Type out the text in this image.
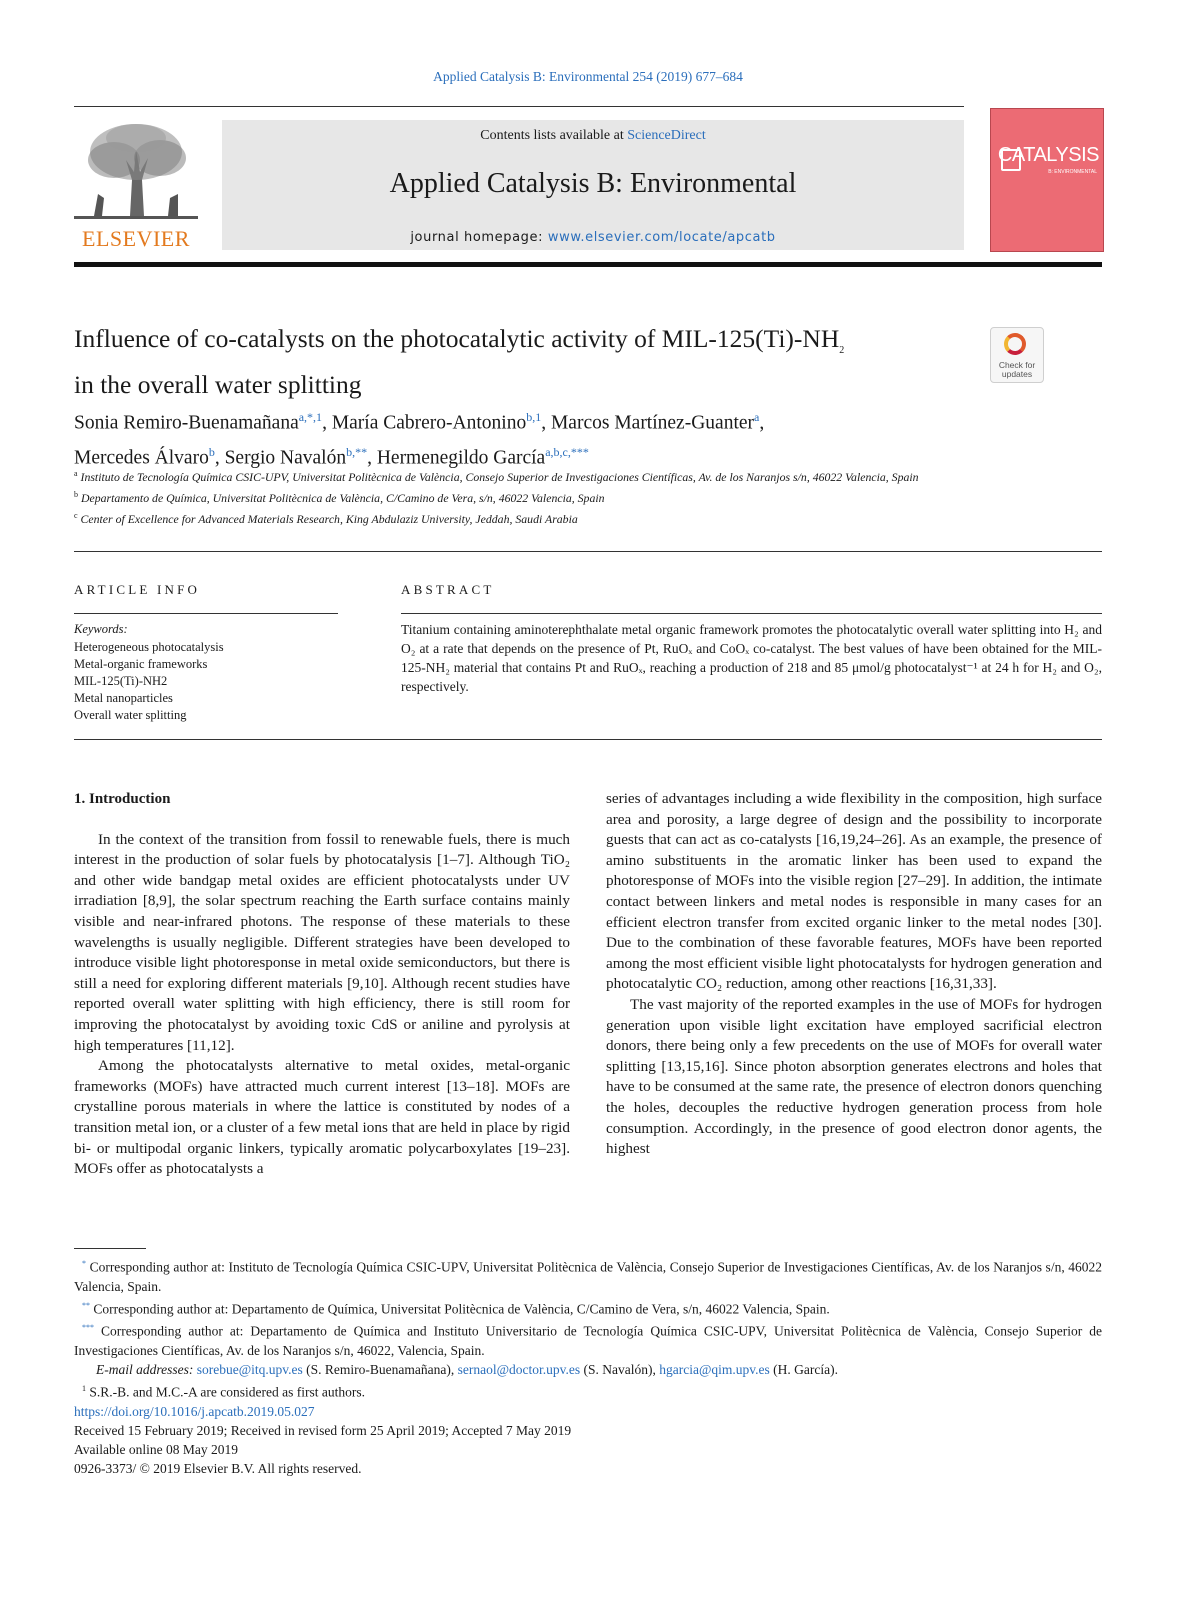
Applied Catalysis B: Environmental 254 (2019) 677–684
ELSEVIER
Contents lists available at ScienceDirect
Applied Catalysis B: Environmental
journal homepage: www.elsevier.com/locate/apcatb
CATALYSIS
B: ENVIRONMENTAL
Influence of co-catalysts on the photocatalytic activity of MIL-$125(Ti)-NH_2$
in the overall water splitting
Check for updates
Sonia Remiro-Buenamañana$^{a,*,1}$, María Cabrero-Antonino$^{b,1}$, Marcos Martínez-Guanter$^a$,
Mercedes Álvaro$^b$, Sergio Navalón$^{b,**}$, Hermenegildo García$^{a,b,c,***}$
$^a$ Instituto de Tecnología Química CSIC-UPV, Universitat Politècnica de València, Consejo Superior de Investigaciones Científicas, Av. de los Naranjos s/n, 46022 Valencia, Spain
$^b$ Departamento de Química, Universitat Politècnica de València, C/Camino de Vera, s/n, 46022 Valencia, Spain
$^c$ Center of Excellence for Advanced Materials Research, King Abdulaziz University, Jeddah, Saudi Arabia
ARTICLE INFO
Keywords:
Heterogeneous photocatalysis
Metal-organic frameworks
MIL-125(Ti)-NH2
Metal nanoparticles
Overall water splitting
ABSTRACT
Titanium containing aminoterephthalate metal organic framework promotes the photocatalytic overall water splitting into H₂ and O₂ at a rate that depends on the presence of Pt, RuOₓ and CoOₓ co-catalyst. The best values of have been obtained for the MIL-125-NH₂ material that contains Pt and RuOₓ, reaching a production of 218 and 85 μmol/g photocatalyst⁻¹ at 24 h for H₂ and O₂, respectively.
1. Introduction

In the context of the transition from fossil to renewable fuels, there is much interest in the production of solar fuels by photocatalysis [1–7]. Although TiO₂ and other wide bandgap metal oxides are efficient photocatalysts under UV irradiation [8,9], the solar spectrum reaching the Earth surface contains mainly visible and near-infrared photons. The response of these materials to these wavelengths is usually negligible. Different strategies have been developed to introduce visible light photoresponse in metal oxide semiconductors, but there is still a need for exploring different materials [9,10]. Although recent studies have reported overall water splitting with high efficiency, there is still room for improving the photocatalyst by avoiding toxic CdS or aniline and pyrolysis at high temperatures [11,12].

Among the photocatalysts alternative to metal oxides, metal-organic frameworks (MOFs) have attracted much current interest [13–18]. MOFs are crystalline porous materials in where the lattice is constituted by nodes of a transition metal ion, or a cluster of a few metal ions that are held in place by rigid bi- or multipodal organic linkers, typically aromatic polycarboxylates [19–23]. MOFs offer as photocatalysts a

series of advantages including a wide flexibility in the composition, high surface area and porosity, a large degree of design and the possibility to incorporate guests that can act as co-catalysts [16,19,24–26]. As an example, the presence of amino substituents in the aromatic linker has been used to expand the photoresponse of MOFs into the visible region [27–29]. In addition, the intimate contact between linkers and metal nodes is responsible in many cases for an efficient electron transfer from excited organic linker to the metal nodes [30]. Due to the combination of these favorable features, MOFs have been reported among the most efficient visible light photocatalysts for hydrogen generation and photocatalytic CO₂ reduction, among other reactions [16,31,33].

The vast majority of the reported examples in the use of MOFs for hydrogen generation upon visible light excitation have employed sacrificial electron donors, there being only a few precedents on the use of MOFs for overall water splitting [13,15,16]. Since photon absorption generates electrons and holes that have to be consumed at the same rate, the presence of electron donors quenching the holes, decouples the reductive hydrogen generation process from hole consumption. Accordingly, in the presence of good electron donor agents, the highest

* Corresponding author at: Instituto de Tecnología Química CSIC-UPV, Universitat Politècnica de València, Consejo Superior de Investigaciones Científicas, Av. de los Naranjos s/n, 46022 Valencia, Spain.

** Corresponding author at: Departamento de Química, Universitat Politècnica de València, C/Camino de Vera, s/n, 46022 Valencia, Spain.

*** Corresponding author at: Departamento de Química and Instituto Universitario de Tecnología Química CSIC-UPV, Universitat Politècnica de València, Consejo Superior de Investigaciones Científicas, Av. de los Naranjos s/n, 46022, Valencia, Spain.

E-mail addresses: sorebue@itq.upv.es (S. Remiro-Buenamañana), sernaol@doctor.upv.es (S. Navalón), hgarcia@qim.upv.es (H. García).

$^1$ S.R.-B. and M.C.-A are considered as first authors.

https://doi.org/10.1016/j.apcatb.2019.05.027
Received 15 February 2019; Received in revised form 25 April 2019; Accepted 7 May 2019
Available online 08 May 2019
0926-3373/ © 2019 Elsevier B.V. All rights reserved.
